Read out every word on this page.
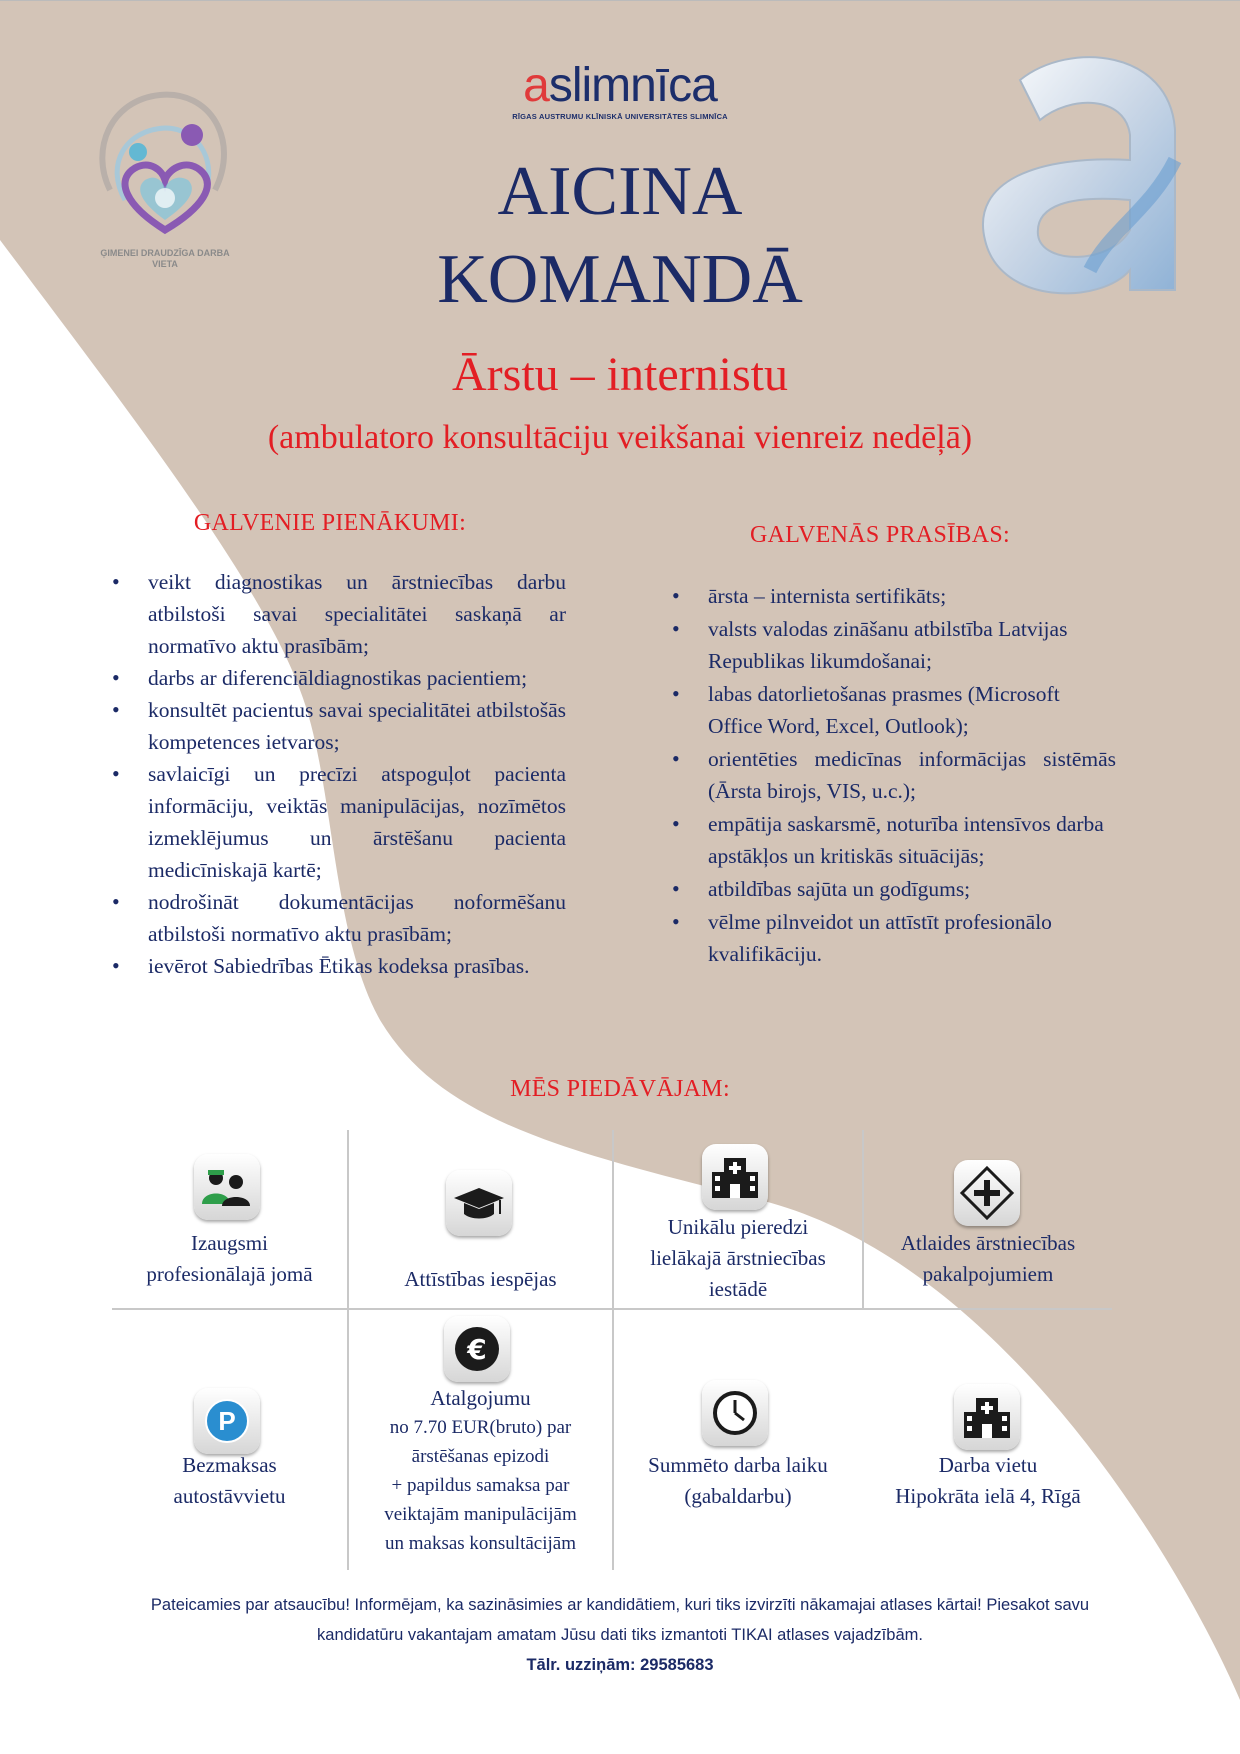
ĢIMENEI DRAUDZĪGA DARBA VIETA
aslimnīca
RĪGAS AUSTRUMU KLĪNISKĀ UNIVERSITĀTES SLIMNĪCA
AICINA
KOMANDĀ
Ārstu – internistu
(ambulatoro konsultāciju veikšanai vienreiz nedēļā)
GALVENIE PIENĀKUMI:
• veikt diagnostikas un ārstniecības darbu atbilstoši savai specialitātei saskaņā ar normatīvo aktu prasībām;
• darbs ar diferenciāldiagnostikas pacientiem;
• konsultēt pacientus savai specialitātei atbilstošās kompetences ietvaros;
• savlaicīgi un precīzi atspoguļot pacienta informāciju, veiktās manipulācijas, nozīmētos izmeklējumus un ārstēšanu pacienta medicīniskajā kartē;
• nodrošināt dokumentācijas noformēšanu atbilstoši normatīvo aktu prasībām;
• ievērot Sabiedrības Ētikas kodeksa prasības.
GALVENĀS PRASĪBAS:
• ārsta – internista sertifikāts;
• valsts valodas zināšanu atbilstība Latvijas Republikas likumdošanai;
• labas datorlietošanas prasmes (Microsoft Office Word, Excel, Outlook);
• orientēties medicīnas informācijas sistēmās (Ārsta birojs, VIS, u.c.);
• empātija saskarsmē, noturība intensīvos darba apstākļos un kritiskās situācijās;
• atbildības sajūta un godīgums;
• vēlme pilnveidot un attīstīt profesionālo kvalifikāciju.
MĒS PIEDĀVĀJAM:
Izaugsmi
profesionālajā jomā	Attīstības iespējas
Unikālu pieredzi
lielākajā ārstniecības
iestādē
Atlaides ārstniecības
pakalpojumiem
P
Bezmaksas
autostāvvietu
€
Atalgojumu
no 7.70 EUR(bruto) par
ārstēšanas epizodi
+ papildus samaksa par
veiktajām manipulācijām
un maksas konsultācijām
Summēto darba laiku
(gabaldarbu)
Darba vietu
Hipokrāta ielā 4, Rīgā
Pateicamies par atsaucību! Informējam, ka sazināsimies ar kandidātiem, kuri tiks izvirzīti nākamajai atlases kārtai! Piesakot savu
kandidatūru vakantajam amatam Jūsu dati tiks izmantoti TIKAI atlases vajadzībām.
Tālr. uzziņām: 29585683
